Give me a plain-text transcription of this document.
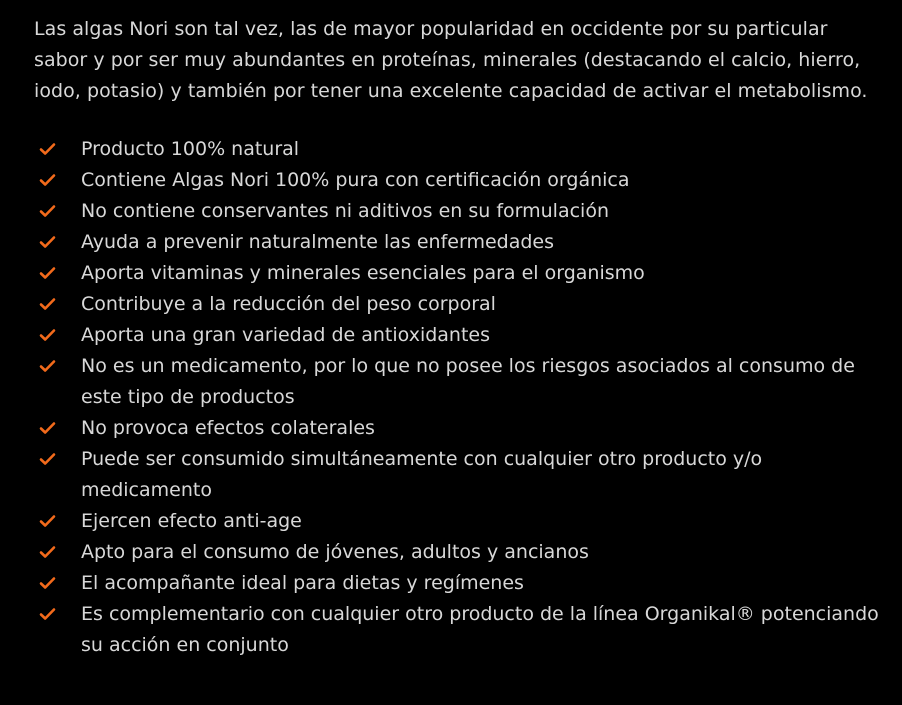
Las algas Nori son tal vez, las de mayor popularidad en occidente por su particular sabor y por ser muy abundantes en proteínas, minerales (destacando el calcio, hierro, iodo, potasio) y también por tener una excelente capacidad de activar el metabolismo.

Producto 100% natural
Contiene Algas Nori 100% pura con certificación orgánica
No contiene conservantes ni aditivos en su formulación
Ayuda a prevenir naturalmente las enfermedades
Aporta vitaminas y minerales esenciales para el organismo
Contribuye a la reducción del peso corporal
Aporta una gran variedad de antioxidantes
No es un medicamento, por lo que no posee los riesgos asociados al consumo de este tipo de productos
No provoca efectos colaterales
Puede ser consumido simultáneamente con cualquier otro producto y/o medicamento
Ejercen efecto anti-age
Apto para el consumo de jóvenes, adultos y ancianos
El acompañante ideal para dietas y regímenes
Es complementario con cualquier otro producto de la línea Organikal® potenciando su acción en conjunto
